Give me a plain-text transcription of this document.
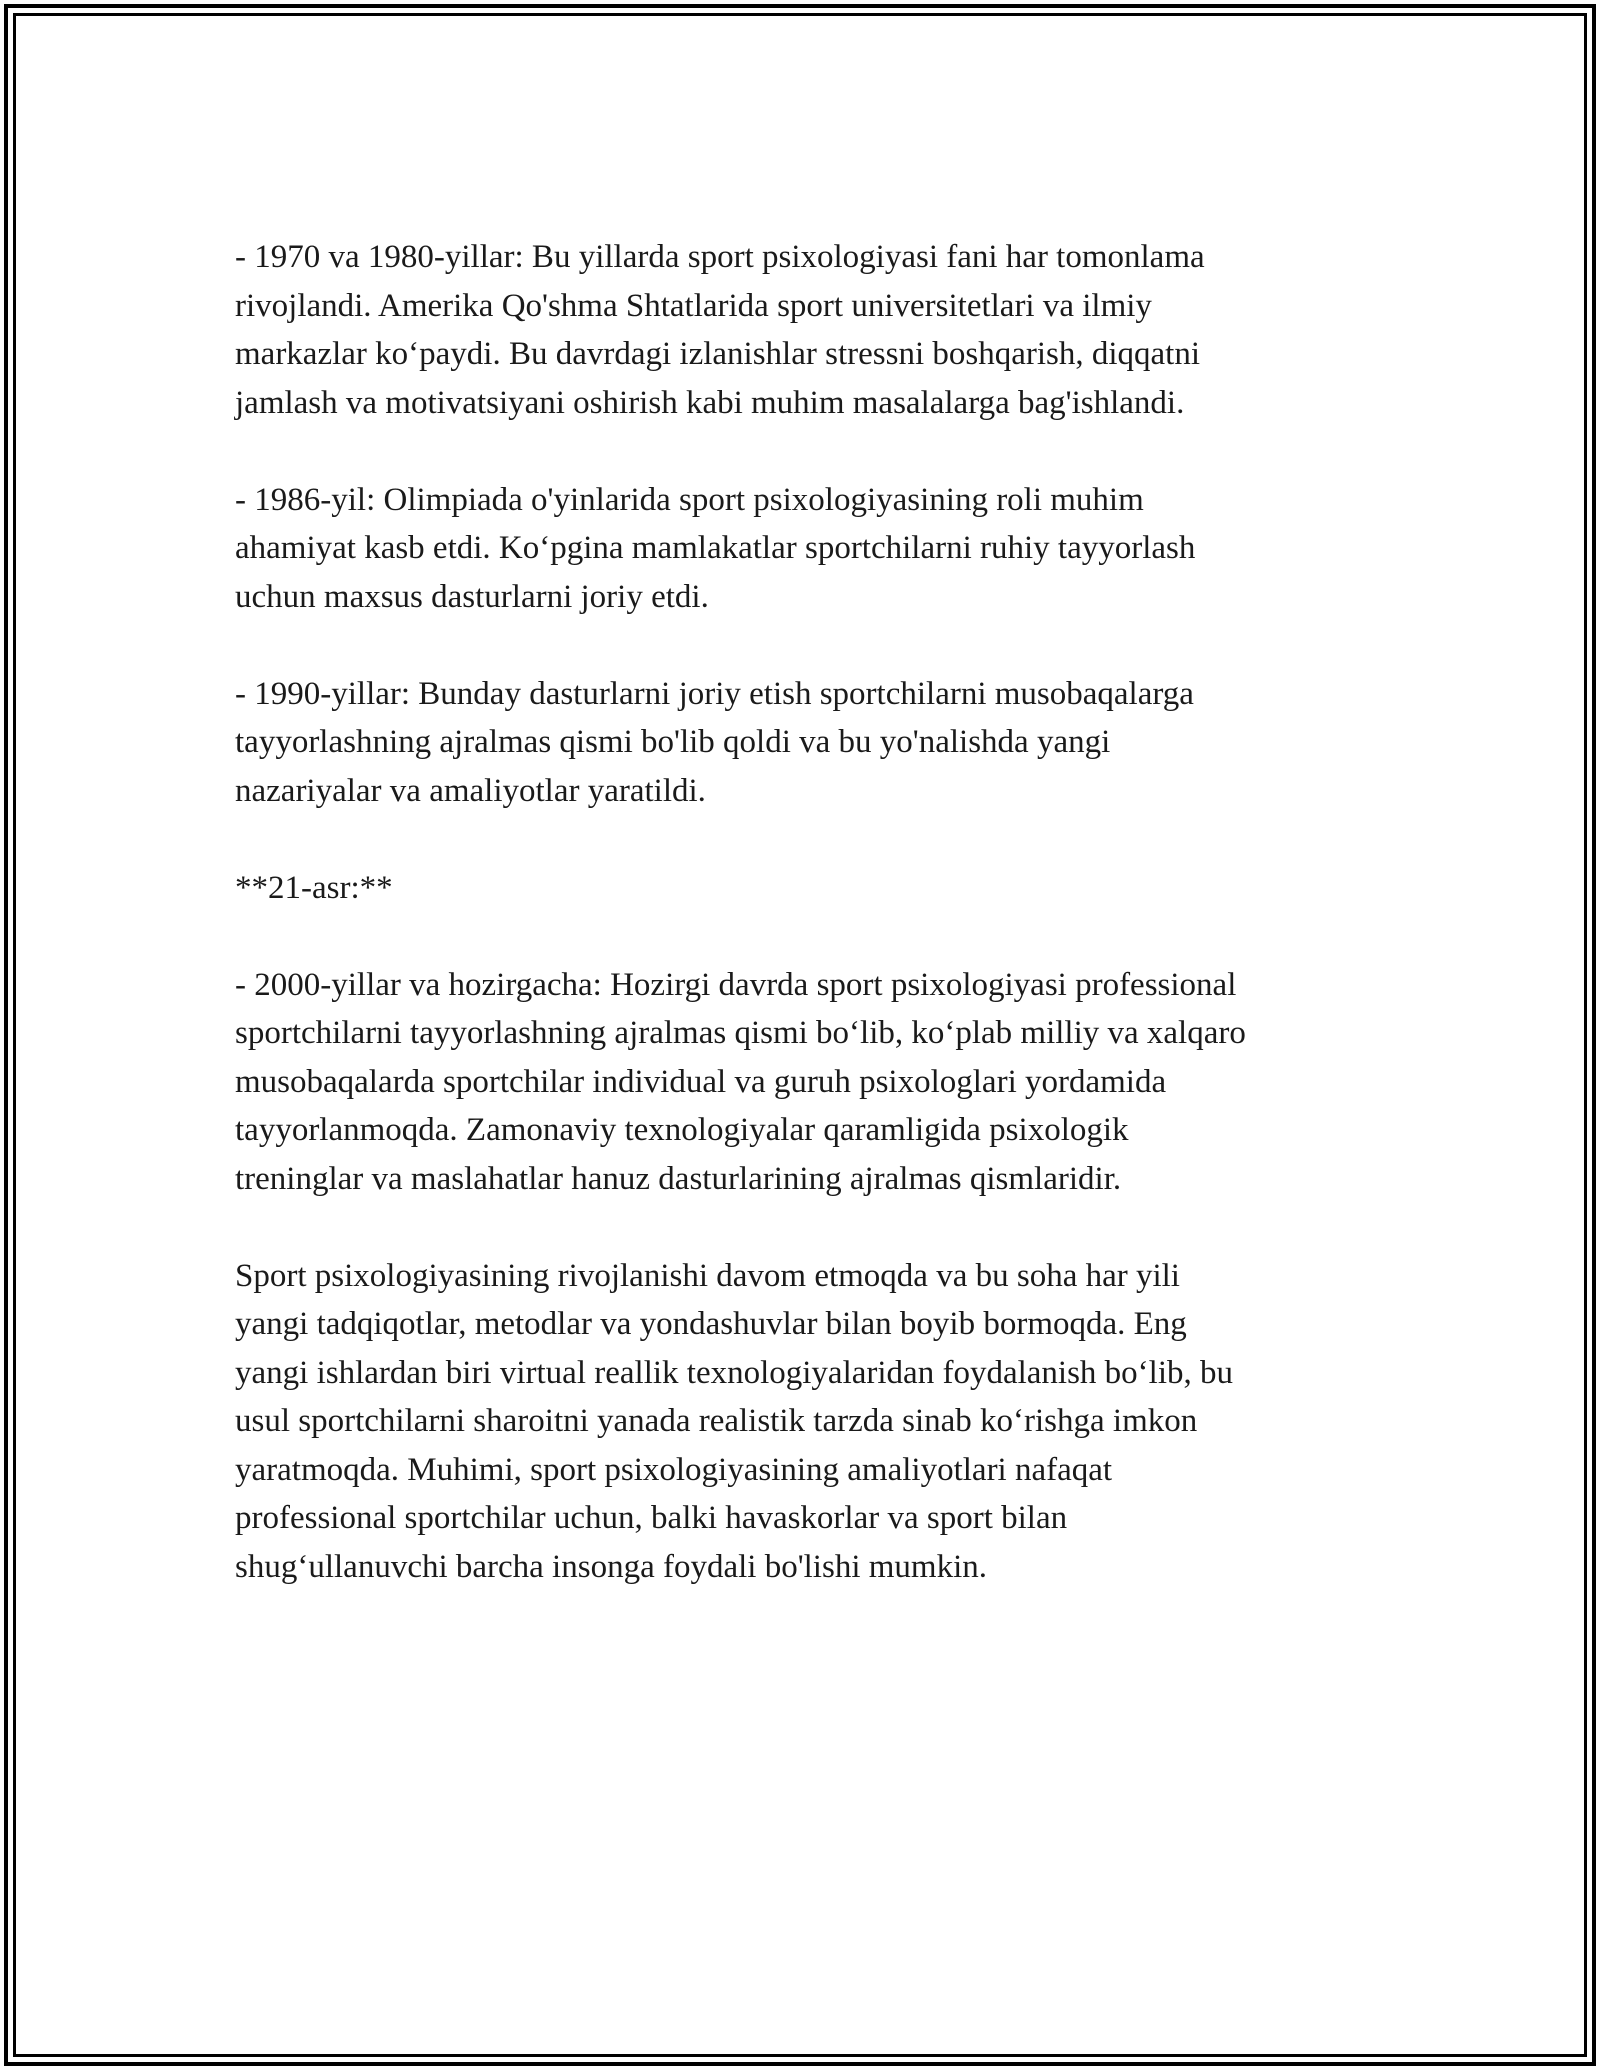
- 1970 va 1980-yillar: Bu yillarda sport psixologiyasi fani har tomonlama
rivojlandi. Amerika Qo'shma Shtatlarida sport universitetlari va ilmiy
markazlar koʻpaydi. Bu davrdagi izlanishlar stressni boshqarish, diqqatni
jamlash va motivatsiyani oshirish kabi muhim masalalarga bag'ishlandi.

- 1986-yil: Olimpiada o'yinlarida sport psixologiyasining roli muhim
ahamiyat kasb etdi. Koʻpgina mamlakatlar sportchilarni ruhiy tayyorlash
uchun maxsus dasturlarni joriy etdi.

- 1990-yillar: Bunday dasturlarni joriy etish sportchilarni musobaqalarga
tayyorlashning ajralmas qismi bo'lib qoldi va bu yo'nalishda yangi
nazariyalar va amaliyotlar yaratildi.

**21-asr:**

- 2000-yillar va hozirgacha: Hozirgi davrda sport psixologiyasi professional
sportchilarni tayyorlashning ajralmas qismi boʻlib, koʻplab milliy va xalqaro
musobaqalarda sportchilar individual va guruh psixologlari yordamida
tayyorlanmoqda. Zamonaviy texnologiyalar qaramligida psixologik
treninglar va maslahatlar hanuz dasturlarining ajralmas qismlaridir.

Sport psixologiyasining rivojlanishi davom etmoqda va bu soha har yili
yangi tadqiqotlar, metodlar va yondashuvlar bilan boyib bormoqda. Eng
yangi ishlardan biri virtual reallik texnologiyalaridan foydalanish boʻlib, bu
usul sportchilarni sharoitni yanada realistik tarzda sinab koʻrishga imkon
yaratmoqda. Muhimi, sport psixologiyasining amaliyotlari nafaqat
professional sportchilar uchun, balki havaskorlar va sport bilan
shugʻullanuvchi barcha insonga foydali bo'lishi mumkin.
